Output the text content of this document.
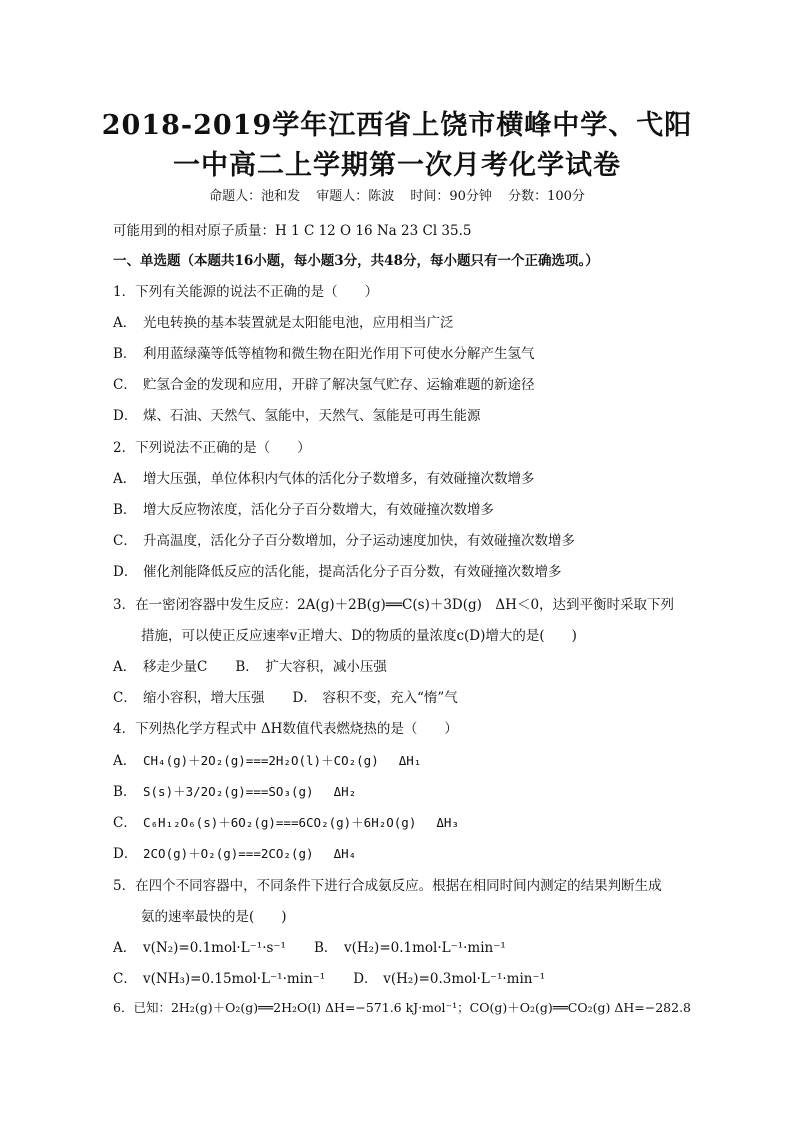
2018-2019学年江西省上饶市横峰中学、弋阳
一中高二上学期第一次月考化学试卷
命题人：池和发 审题人：陈波 时间：90分钟 分数：100分
可能用到的相对原子质量：H 1 C 12 O 16 Na 23 Cl 35.5
一、单选题（本题共16小题，每小题3分，共48分，每小题只有一个正确选项。）
1．下列有关能源的说法不正确的是（　　）
A． 光电转换的基本装置就是太阳能电池，应用相当广泛
B． 利用蓝绿藻等低等植物和微生物在阳光作用下可使水分解产生氢气
C． 贮氢合金的发现和应用，开辟了解决氢气贮存、运输难题的新途径
D． 煤、石油、天然气、氢能中，天然气、氢能是可再生能源
2．下列说法不正确的是（　　）
A． 增大压强，单位体积内气体的活化分子数增多，有效碰撞次数增多
B． 增大反应物浓度，活化分子百分数增大，有效碰撞次数增多
C． 升高温度，活化分子百分数增加，分子运动速度加快，有效碰撞次数增多
D． 催化剂能降低反应的活化能，提高活化分子百分数，有效碰撞次数增多
3．在一密闭容器中发生反应：2A(g)＋2B(g)══C(s)＋3D(g)　ΔH＜0，达到平衡时采取下列
措施，可以使正反应速率v正增大、D的物质的量浓度c(D)增大的是(　　)
A． 移走少量C B． 扩大容积，减小压强
C． 缩小容积，增大压强 D． 容积不变，充入“惰”气
4．下列热化学方程式中 ΔH数值代表燃烧热的是（　　）
A． CH₄(g)＋2O₂(g)===2H₂O(l)＋CO₂(g)　 ΔH₁
B． S(s)＋3/2O₂(g)===SO₃(g)　 ΔH₂
C． C₆H₁₂O₆(s)＋6O₂(g)===6CO₂(g)＋6H₂O(g)　 ΔH₃
D． 2CO(g)＋O₂(g)===2CO₂(g)　 ΔH₄
5．在四个不同容器中，不同条件下进行合成氨反应。根据在相同时间内测定的结果判断生成
氨的速率最快的是(　　)
A． v(N₂)=0.1mol·L⁻¹·s⁻¹ B． v(H₂)=0.1mol·L⁻¹·min⁻¹
C． v(NH₃)=0.15mol·L⁻¹·min⁻¹ D． v(H₂)=0.3mol·L⁻¹·min⁻¹
6．已知：2H₂(g)＋O₂(g)══2H₂O(l) ΔH=−571.6 kJ·mol⁻¹；CO(g)＋O₂(g)══CO₂(g) ΔH=−282.8
